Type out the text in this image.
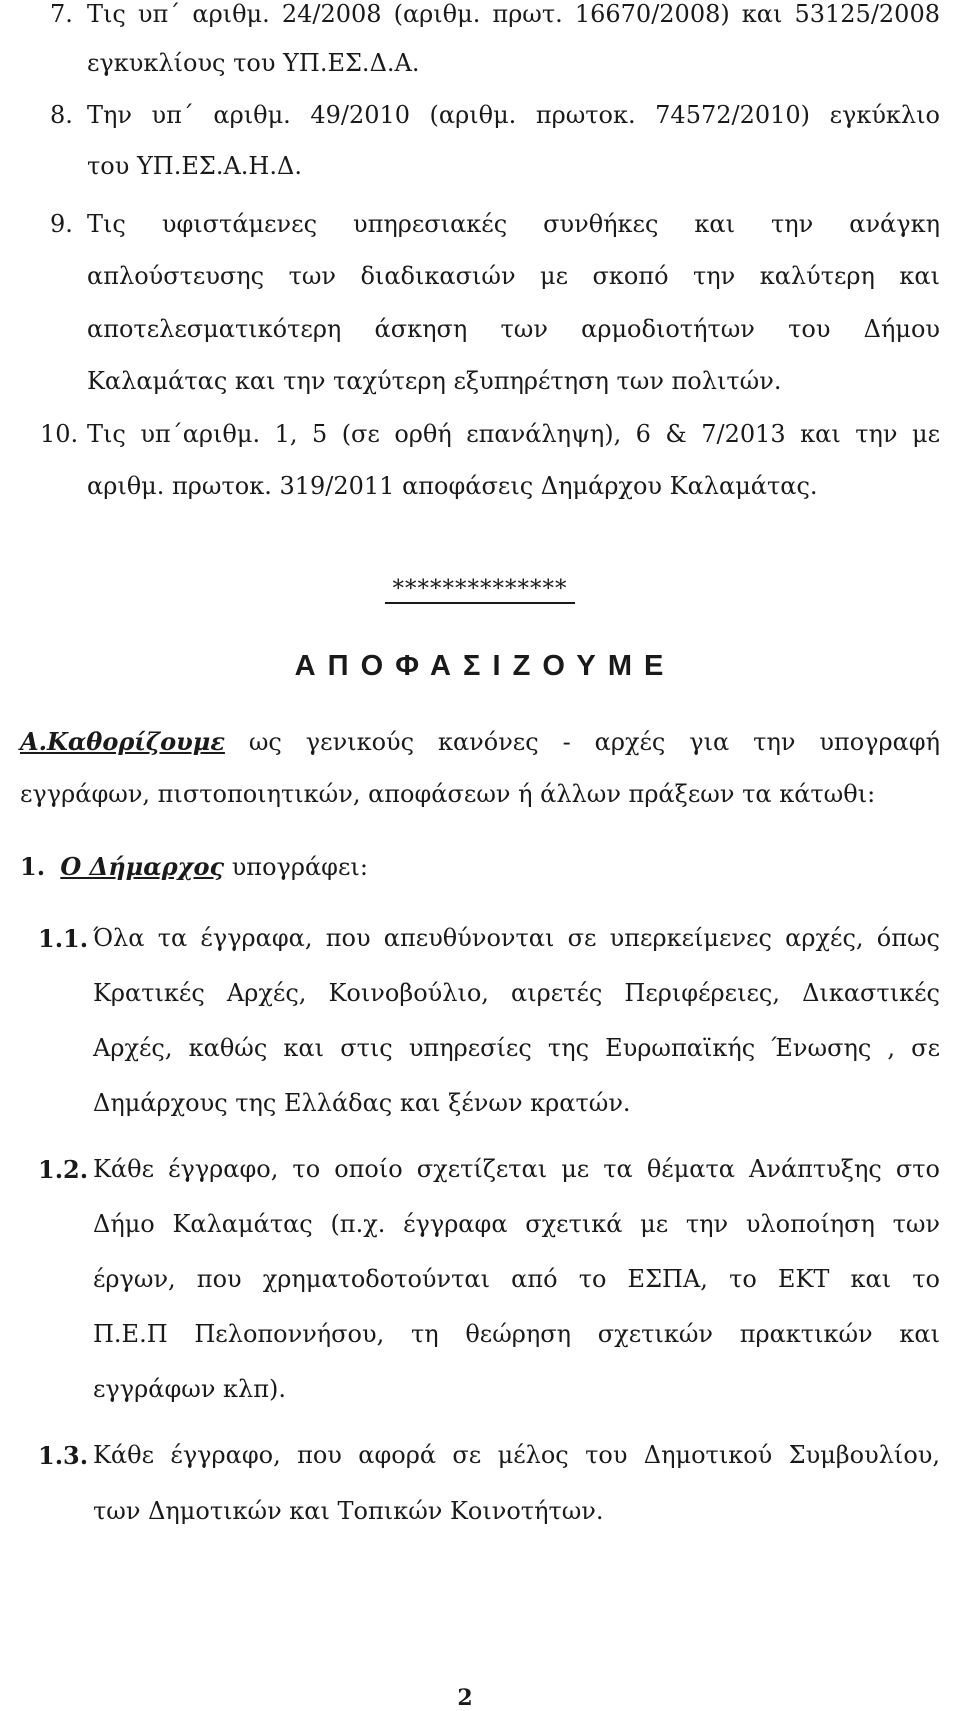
7. Τις υπ΄ αριθμ. 24/2008 (αριθμ. πρωτ. 16670/2008) και 53125/2008
εγκυκλίους του ΥΠ.ΕΣ.Δ.Α.
8. Την υπ΄ αριθμ. 49/2010 (αριθμ. πρωτοκ. 74572/2010) εγκύκλιο
του ΥΠ.ΕΣ.Α.Η.Δ.
9. Τις υφιστάμενες υπηρεσιακές συνθήκες και την ανάγκη
απλούστευσης των διαδικασιών με σκοπό την καλύτερη και
αποτελεσματικότερη άσκηση των αρμοδιοτήτων του Δήμου
Καλαμάτας και την ταχύτερη εξυπηρέτηση των πολιτών.
10. Τις υπ΄αριθμ. 1, 5 (σε ορθή επανάληψη), 6 & 7/2013 και την με
αριθμ. πρωτοκ. 319/2011 αποφάσεις Δημάρχου Καλαμάτας.
**************
Α Π Ο Φ Α Σ Ι Ζ Ο Υ Μ Ε
Α.Καθορίζουμε ως γενικούς κανόνες - αρχές για την υπογραφή
εγγράφων, πιστοποιητικών, αποφάσεων ή άλλων πράξεων τα κάτωθι:
1. Ο Δήμαρχος υπογράφει:
1.1. Όλα τα έγγραφα, που απευθύνονται σε υπερκείμενες αρχές, όπως
Κρατικές Αρχές, Κοινοβούλιο, αιρετές Περιφέρειες, Δικαστικές
Αρχές, καθώς και στις υπηρεσίες της Ευρωπαϊκής Ένωσης , σε
Δημάρχους της Ελλάδας και ξένων κρατών.
1.2. Κάθε έγγραφο, το οποίο σχετίζεται με τα θέματα Ανάπτυξης στο
Δήμο Καλαμάτας (π.χ. έγγραφα σχετικά με την υλοποίηση των
έργων, που χρηματοδοτούνται από το ΕΣΠΑ, το ΕΚΤ και το
Π.Ε.Π Πελοποννήσου, τη θεώρηση σχετικών πρακτικών και
εγγράφων κλπ).
1.3. Κάθε έγγραφο, που αφορά σε μέλος του Δημοτικού Συμβουλίου,
των Δημοτικών και Τοπικών Κοινοτήτων.
2
